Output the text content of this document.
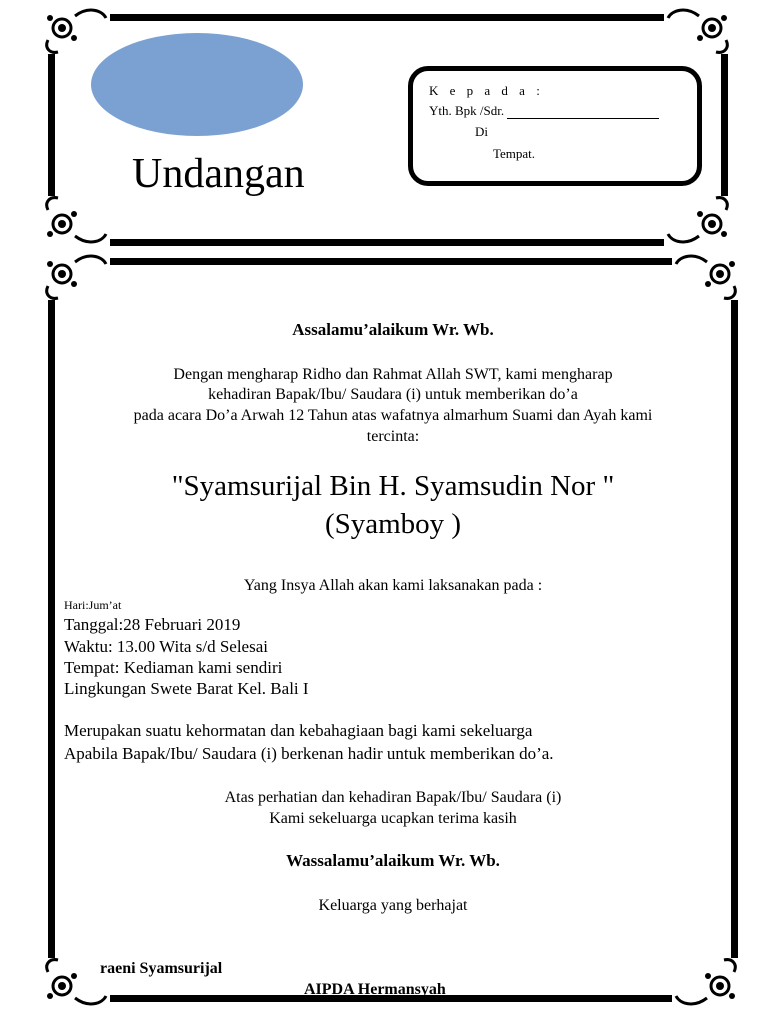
Undangan
K e p a d a :
Yth. Bpk /Sdr.
Di
Tempat.
Assalamu’alaikum Wr. Wb.
Dengan mengharap Ridho dan Rahmat Allah SWT, kami mengharap
kehadiran Bapak/Ibu/ Saudara (i) untuk memberikan do’a
pada acara Do’a Arwah 12 Tahun atas wafatnya almarhum Suami dan Ayah kami
tercinta:
"Syamsurijal Bin H. Syamsudin Nor "
(Syamboy )
Yang Insya Allah akan kami laksanakan pada :
Hari:Jum’at
Tanggal:28 Februari 2019
Waktu: 13.00 Wita s/d Selesai
Tempat: Kediaman kami sendiri
Lingkungan Swete Barat Kel. Bali I
Merupakan suatu kehormatan dan kebahagiaan bagi kami sekeluarga
Apabila Bapak/Ibu/ Saudara (i) berkenan hadir untuk memberikan do’a.
Atas perhatian dan kehadiran Bapak/Ibu/ Saudara (i)
Kami sekeluarga ucapkan terima kasih
Wassalamu’alaikum Wr. Wb.
Keluarga yang berhajat
raeni Syamsurijal
AIPDA Hermansyah
